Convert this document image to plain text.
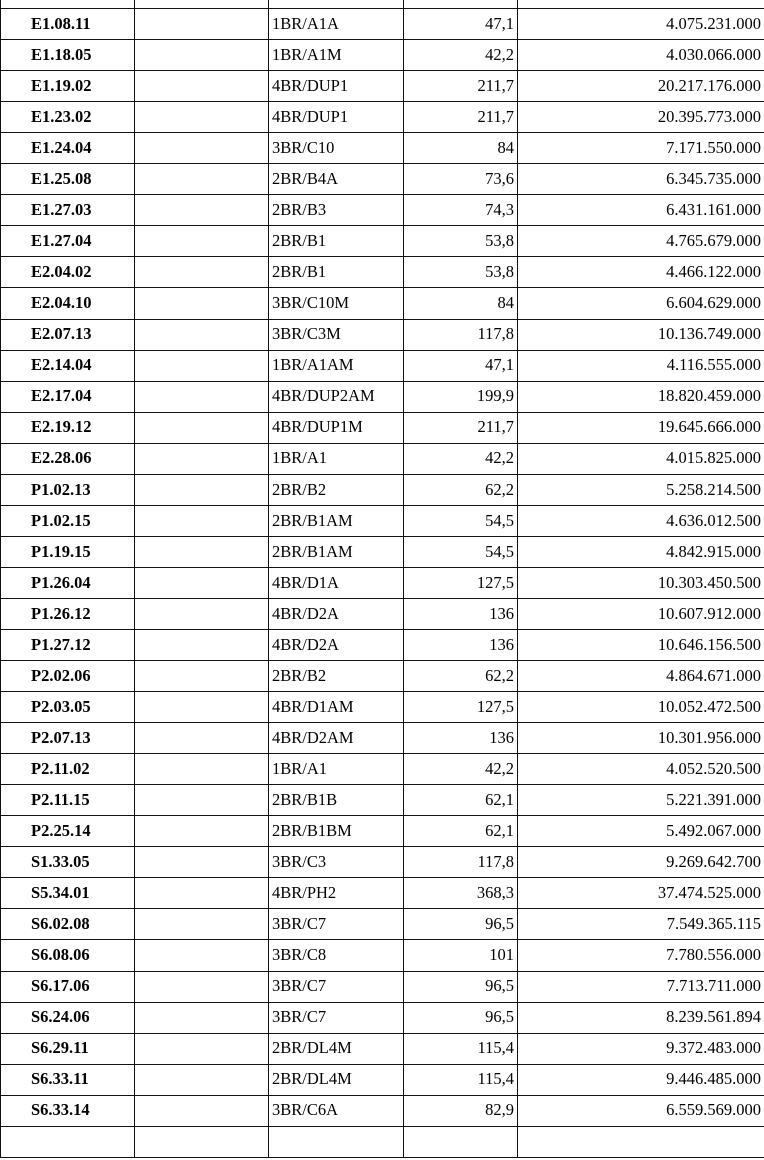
E1.08.11		1BR/A1A	47,1	4.075.231.000
E1.18.05		1BR/A1M	42,2	4.030.066.000
E1.19.02		4BR/DUP1	211,7	20.217.176.000
E1.23.02		4BR/DUP1	211,7	20.395.773.000
E1.24.04		3BR/C10	84	7.171.550.000
E1.25.08		2BR/B4A	73,6	6.345.735.000
E1.27.03		2BR/B3	74,3	6.431.161.000
E1.27.04		2BR/B1	53,8	4.765.679.000
E2.04.02		2BR/B1	53,8	4.466.122.000
E2.04.10		3BR/C10M	84	6.604.629.000
E2.07.13		3BR/C3M	117,8	10.136.749.000
E2.14.04		1BR/A1AM	47,1	4.116.555.000
E2.17.04		4BR/DUP2AM	199,9	18.820.459.000
E2.19.12		4BR/DUP1M	211,7	19.645.666.000
E2.28.06		1BR/A1	42,2	4.015.825.000
P1.02.13		2BR/B2	62,2	5.258.214.500
P1.02.15		2BR/B1AM	54,5	4.636.012.500
P1.19.15		2BR/B1AM	54,5	4.842.915.000
P1.26.04		4BR/D1A	127,5	10.303.450.500
P1.26.12		4BR/D2A	136	10.607.912.000
P1.27.12		4BR/D2A	136	10.646.156.500
P2.02.06		2BR/B2	62,2	4.864.671.000
P2.03.05		4BR/D1AM	127,5	10.052.472.500
P2.07.13		4BR/D2AM	136	10.301.956.000
P2.11.02		1BR/A1	42,2	4.052.520.500
P2.11.15		2BR/B1B	62,1	5.221.391.000
P2.25.14		2BR/B1BM	62,1	5.492.067.000
S1.33.05		3BR/C3	117,8	9.269.642.700
S5.34.01		4BR/PH2	368,3	37.474.525.000
S6.02.08		3BR/C7	96,5	7.549.365.115
S6.08.06		3BR/C8	101	7.780.556.000
S6.17.06		3BR/C7	96,5	7.713.711.000
S6.24.06		3BR/C7	96,5	8.239.561.894
S6.29.11		2BR/DL4M	115,4	9.372.483.000
S6.33.11		2BR/DL4M	115,4	9.446.485.000
S6.33.14		3BR/C6A	82,9	6.559.569.000
